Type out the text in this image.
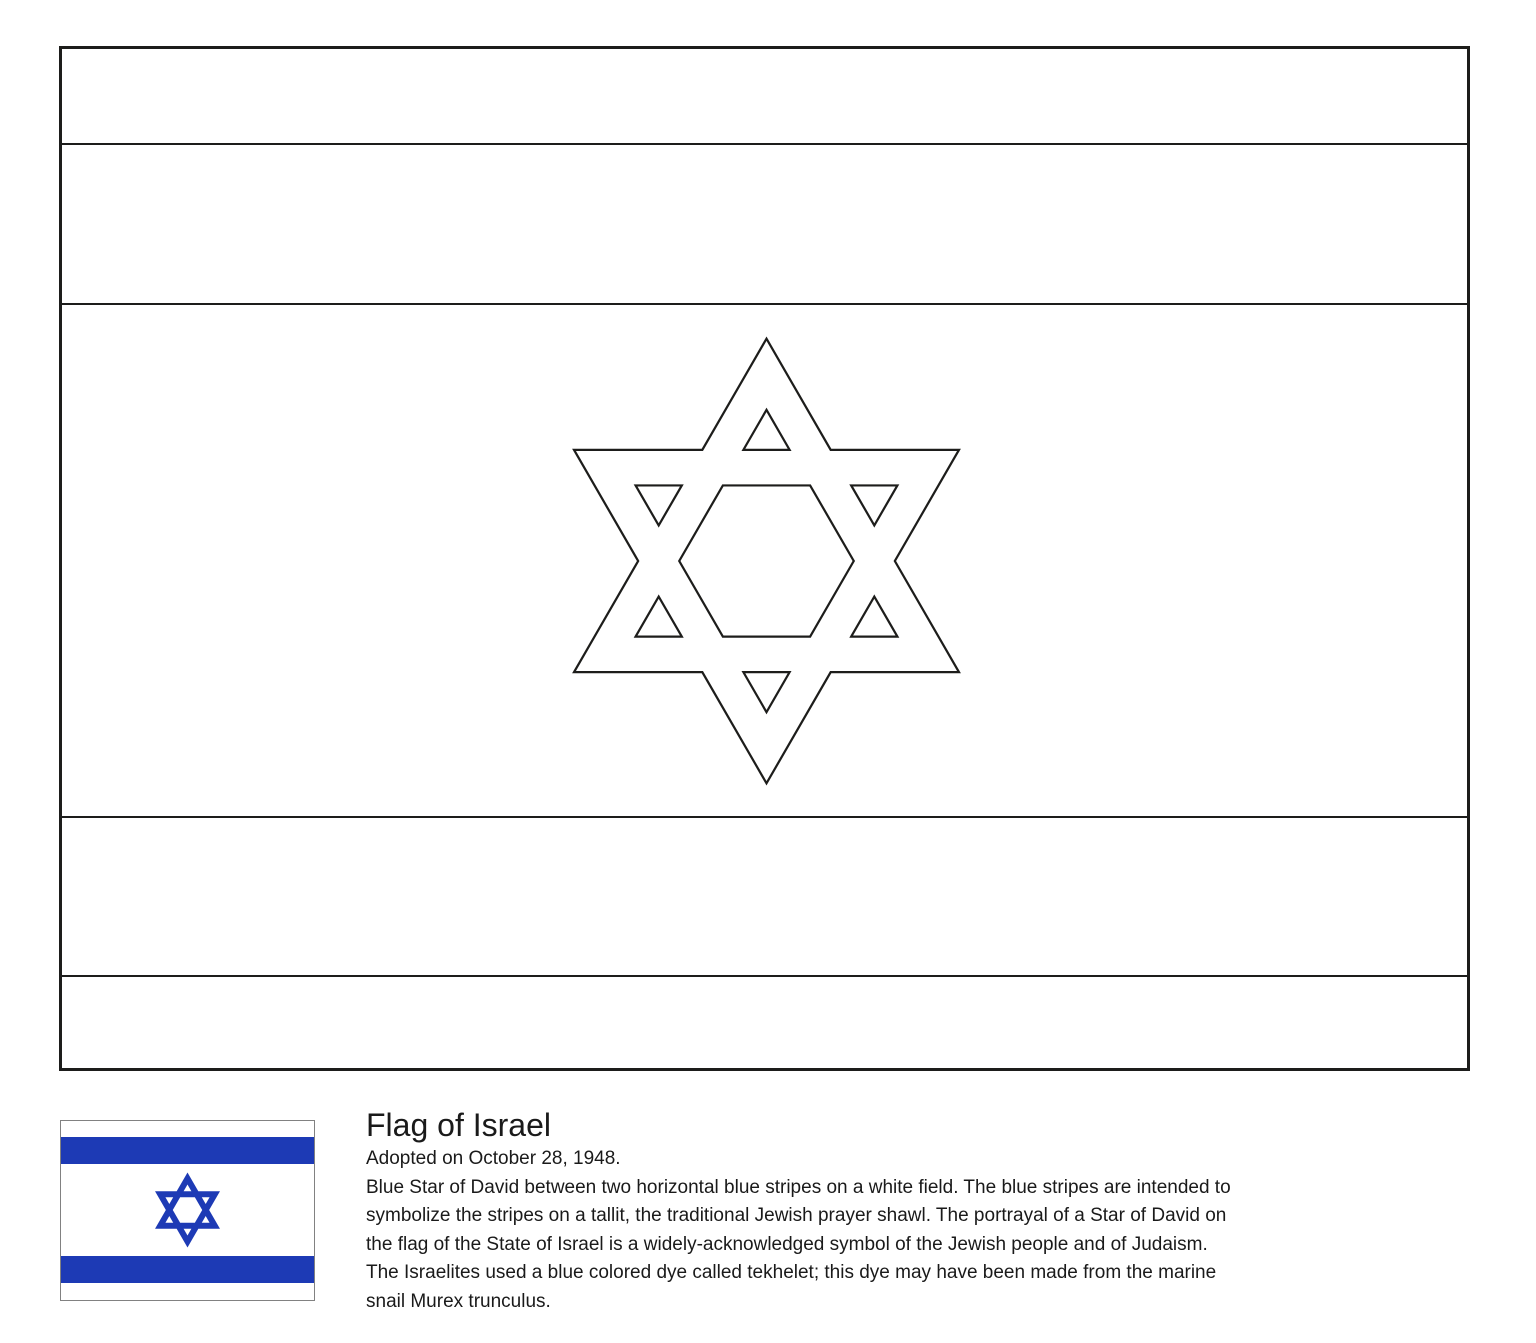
Flag of Israel
Adopted on October 28, 1948.
Blue Star of David between two horizontal blue stripes on a white field. The blue stripes are intended to
symbolize the stripes on a tallit, the traditional Jewish prayer shawl. The portrayal of a Star of David on
the flag of the State of Israel is a widely-acknowledged symbol of the Jewish people and of Judaism.
The Israelites used a blue colored dye called tekhelet; this dye may have been made from the marine
snail Murex trunculus.
